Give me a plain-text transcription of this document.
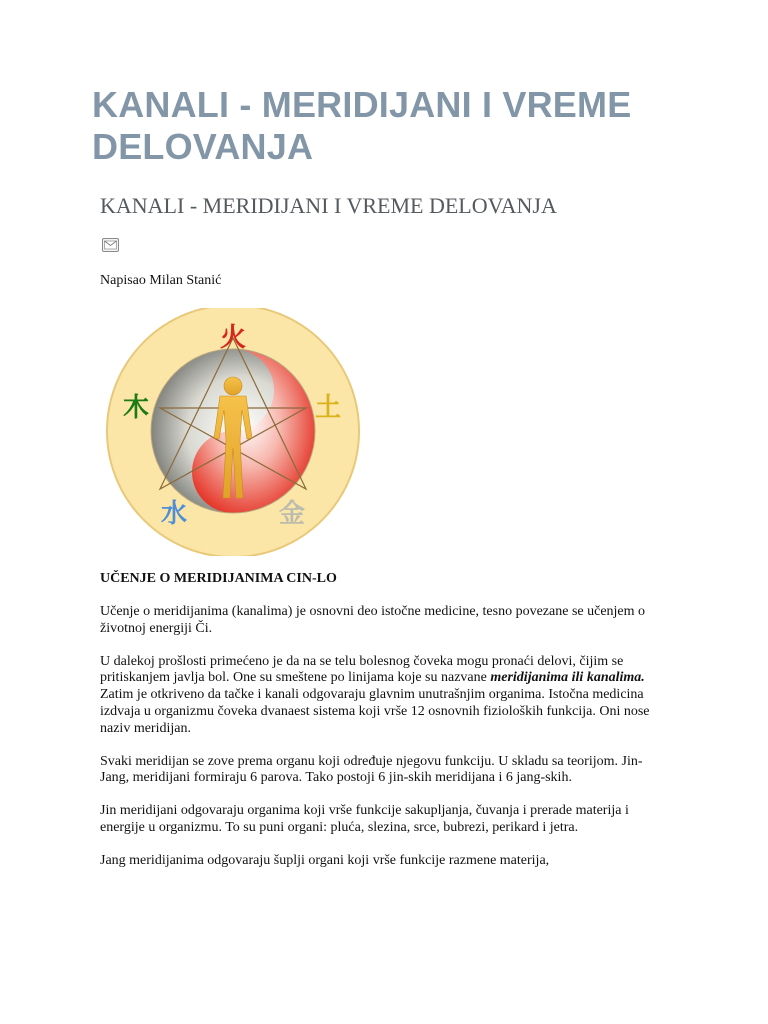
KANALI - MERIDIJANI I VREME DELOVANJA
KANALI - MERIDIJANI I VREME DELOVANJA
Napisao Milan Stanić
火
木	土
水	金

UČENJE O MERIDIJANIMA CIN-LO

Učenje o meridijanima (kanalima) je osnovni deo istočne medicine, tesno povezane se učenjem o životnoj energiji Či.

U dalekoj prošlosti primećeno je da na se telu bolesnog čoveka mogu pronaći delovi, čijim se pritiskanjem javlja bol. One su smeštene po linijama koje su nazvane meridijanima ili kanalima. Zatim je otkriveno da tačke i kanali odgovaraju glavnim unutrašnjim organima. Istočna medicina izdvaja u organizmu čoveka dvanaest sistema koji vrše 12 osnovnih fizioloških funkcija. Oni nose naziv meridijan.

Svaki meridijan se zove prema organu koji određuje njegovu funkciju. U skladu sa teorijom. Jin-Jang, meridijani formiraju 6 parova. Tako postoji 6 jin-skih meridijana i 6 jang-skih.

Jin meridijani odgovaraju organima koji vrše funkcije sakupljanja, čuvanja i prerade materija i energije u organizmu. To su puni organi: pluća, slezina, srce, bubrezi, perikard i jetra.

Jang meridijanima odgovaraju šuplji organi koji vrše funkcije razmene materija,
